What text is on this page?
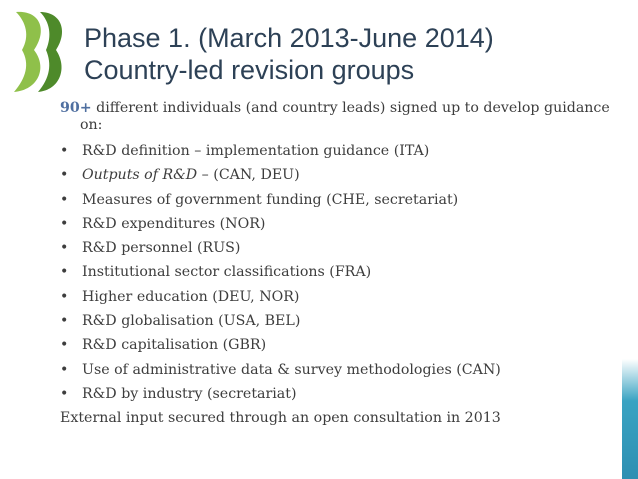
Phase 1. (March 2013-June 2014)
Country-led revision groups
90+ different individuals (and country leads) signed up to develop guidance on:
• R&D definition – implementation guidance (ITA)
• Outputs of R&D – (CAN, DEU)
• Measures of government funding (CHE, secretariat)
• R&D expenditures (NOR)
• R&D personnel (RUS)
• Institutional sector classifications (FRA)
• Higher education (DEU, NOR)
• R&D globalisation (USA, BEL)
• R&D capitalisation (GBR)
• Use of administrative data & survey methodologies (CAN)
• R&D by industry (secretariat)
External input secured through an open consultation in 2013
